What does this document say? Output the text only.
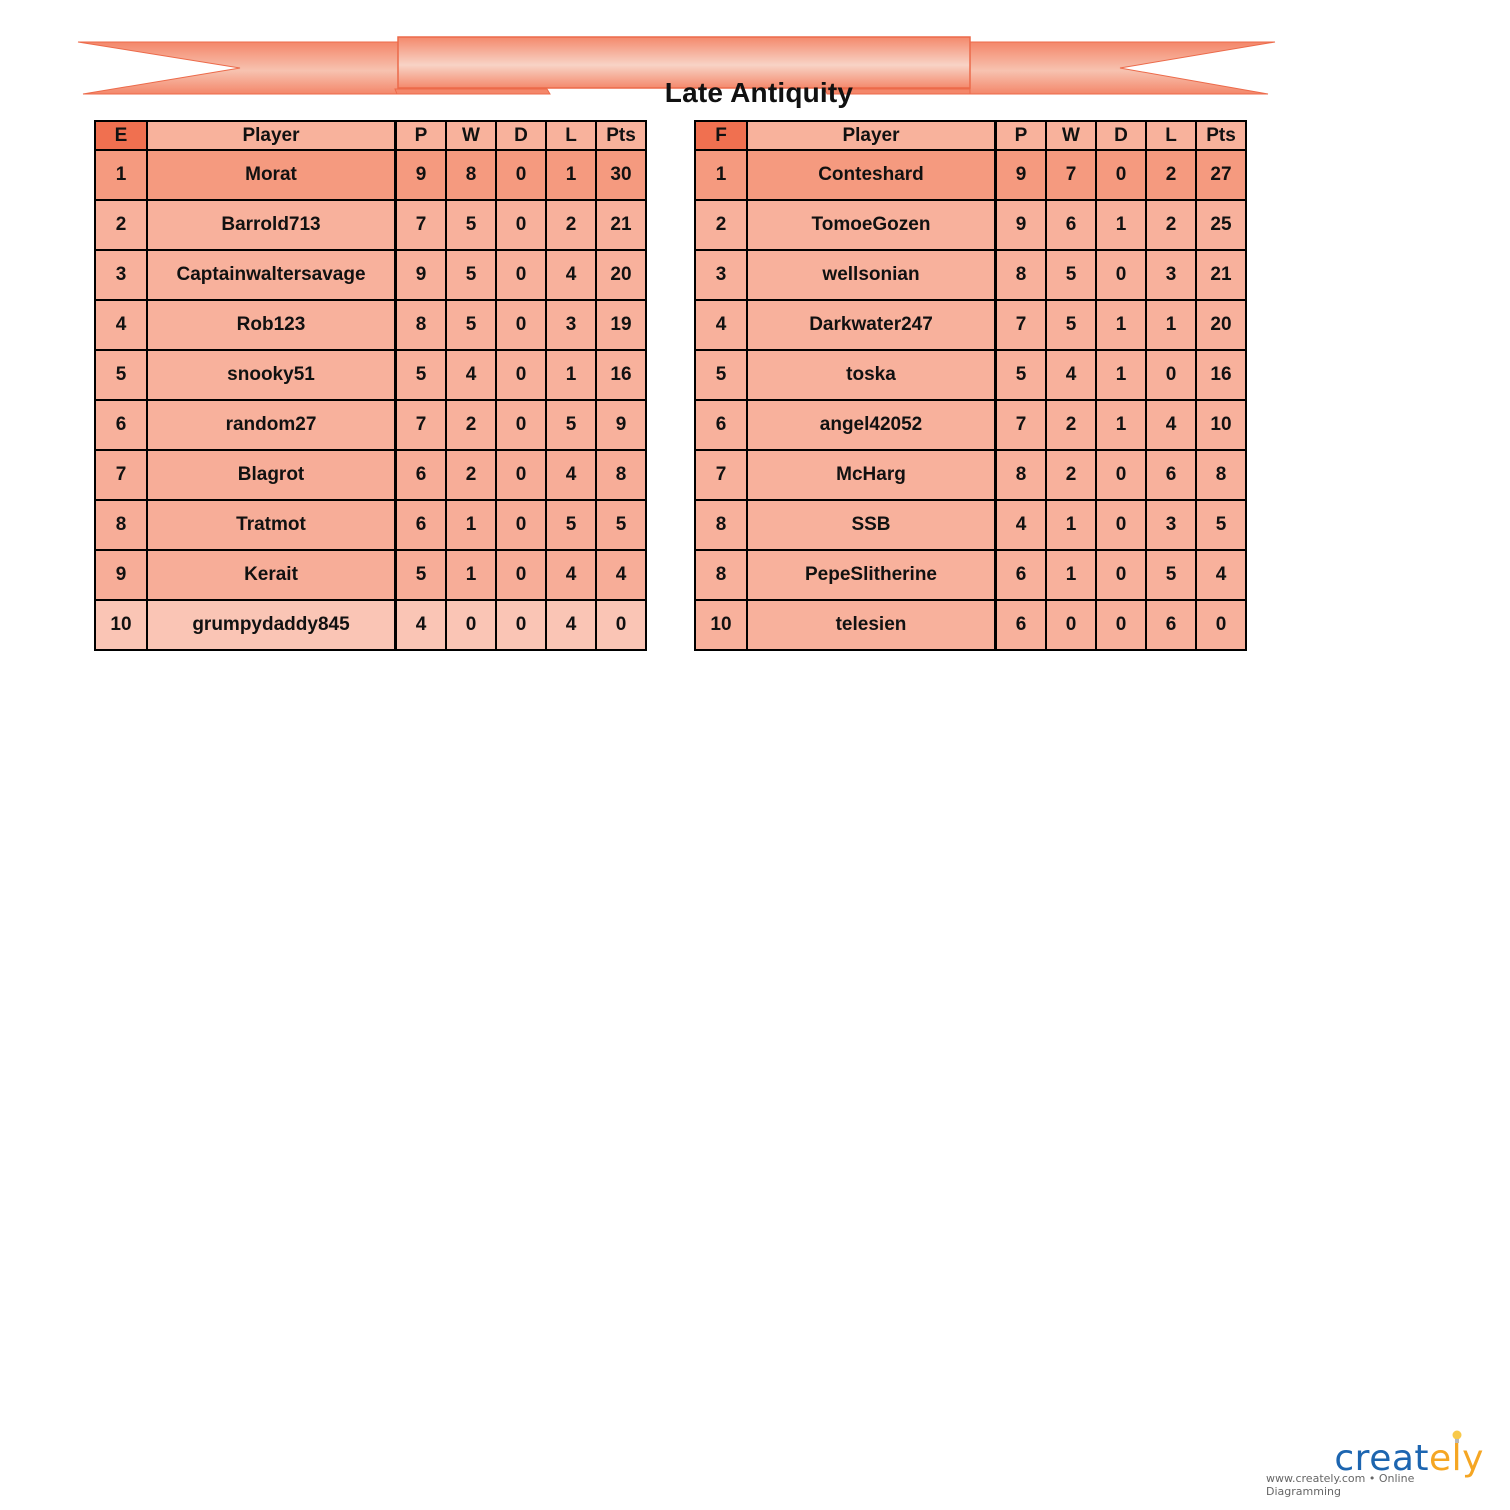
Late Antiquity
E	Player	P	W	D	L	Pts
1	Morat	9	8	0	1	30
2	Barrold713	7	5	0	2	21
3	Captainwaltersavage	9	5	0	4	20
4	Rob123	8	5	0	3	19
5	snooky51	5	4	0	1	16
6	random27	7	2	0	5	9
7	Blagrot	6	2	0	4	8
8	Tratmot	6	1	0	5	5
9	Kerait	5	1	0	4	4
10	grumpydaddy845	4	0	0	4	0
F	Player	P	W	D	L	Pts
1	Conteshard	9	7	0	2	27
2	TomoeGozen	9	6	1	2	25
3	wellsonian	8	5	0	3	21
4	Darkwater247	7	5	1	1	20
5	toska	5	4	1	0	16
6	angel42052	7	2	1	4	10
7	McHarg	8	2	0	6	8
8	SSB	4	1	0	3	5
8	PepeSlitherine	6	1	0	5	4
10	telesien	6	0	0	6	0
creately
www.creately.com • Online Diagramming
